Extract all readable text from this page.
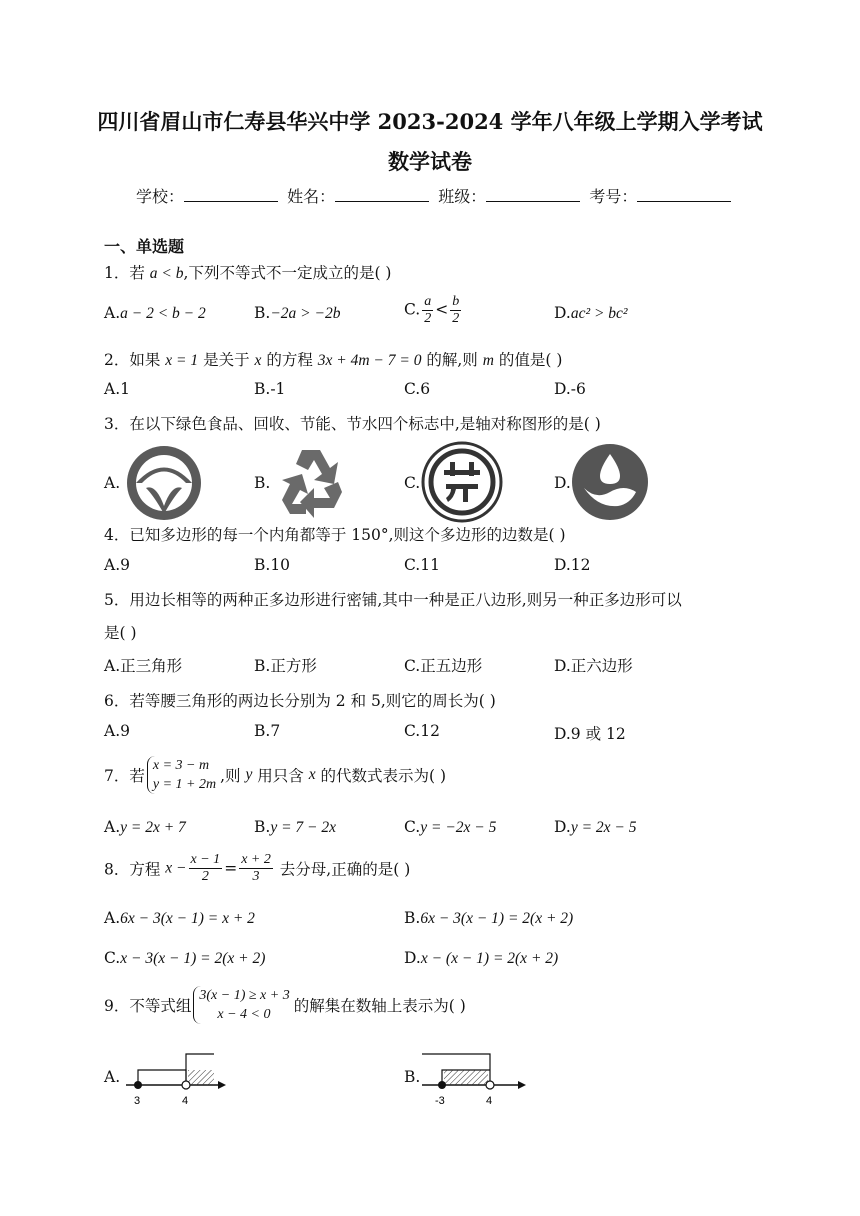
四川省眉山市仁寿县华兴中学 2023-2024 学年八年级上学期入学考试
数学试卷
学校：	姓名：	班级：	考号：
一、单选题
1．若 a < b,下列不等式不一定成立的是( )
A.a − 2 < b − 2	B.−2a > −2b	C. $\frac{a}{2} < \frac{b}{2}$	D.ac² > bc²
2．如果 x = 1 是关于 x 的方程 3x + 4m − 7 = 0 的解,则 m 的值是( )
A.1	B.-1	C.6	D.-6
3．在以下绿色食品、回收、节能、节水四个标志中,是轴对称图形的是( )
A.	B.	C.	D.
4．已知多边形的每一个内角都等于 150°,则这个多边形的边数是( )
A.9	B.10	C.11	D.12
5．用边长相等的两种正多边形进行密铺,其中一种是正八边形,则另一种正多边形可以
是( )
A.正三角形	B.正方形	C.正五边形	D.正六边形
6．若等腰三角形的两边长分别为 2 和 5,则它的周长为( )
A.9	B.7	C.12	D.9 或 12
7．若
x = 3 − m
y = 1 + 2m ,则 y 用只含 x 的代数式表示为( )
A.y = 2x + 7	B.y = 7 − 2x	C.y = −2x − 5	D.y = 2x − 5
8．方程 $x - \frac{x - 1}{2} = \frac{x + 2}{3}$ 去分母,正确的是( )
A.6x − 3(x − 1) = x + 2	B.6x − 3(x − 1) = 2(x + 2)
C.x − 3(x − 1) = 2(x + 2)	D.x − (x − 1) = 2(x + 2)
9．不等式组
3(x − 1) ≥ x + 3
x − 4 < 0	的解集在数轴上表示为( )
A.
3	4
B.
-3	4
